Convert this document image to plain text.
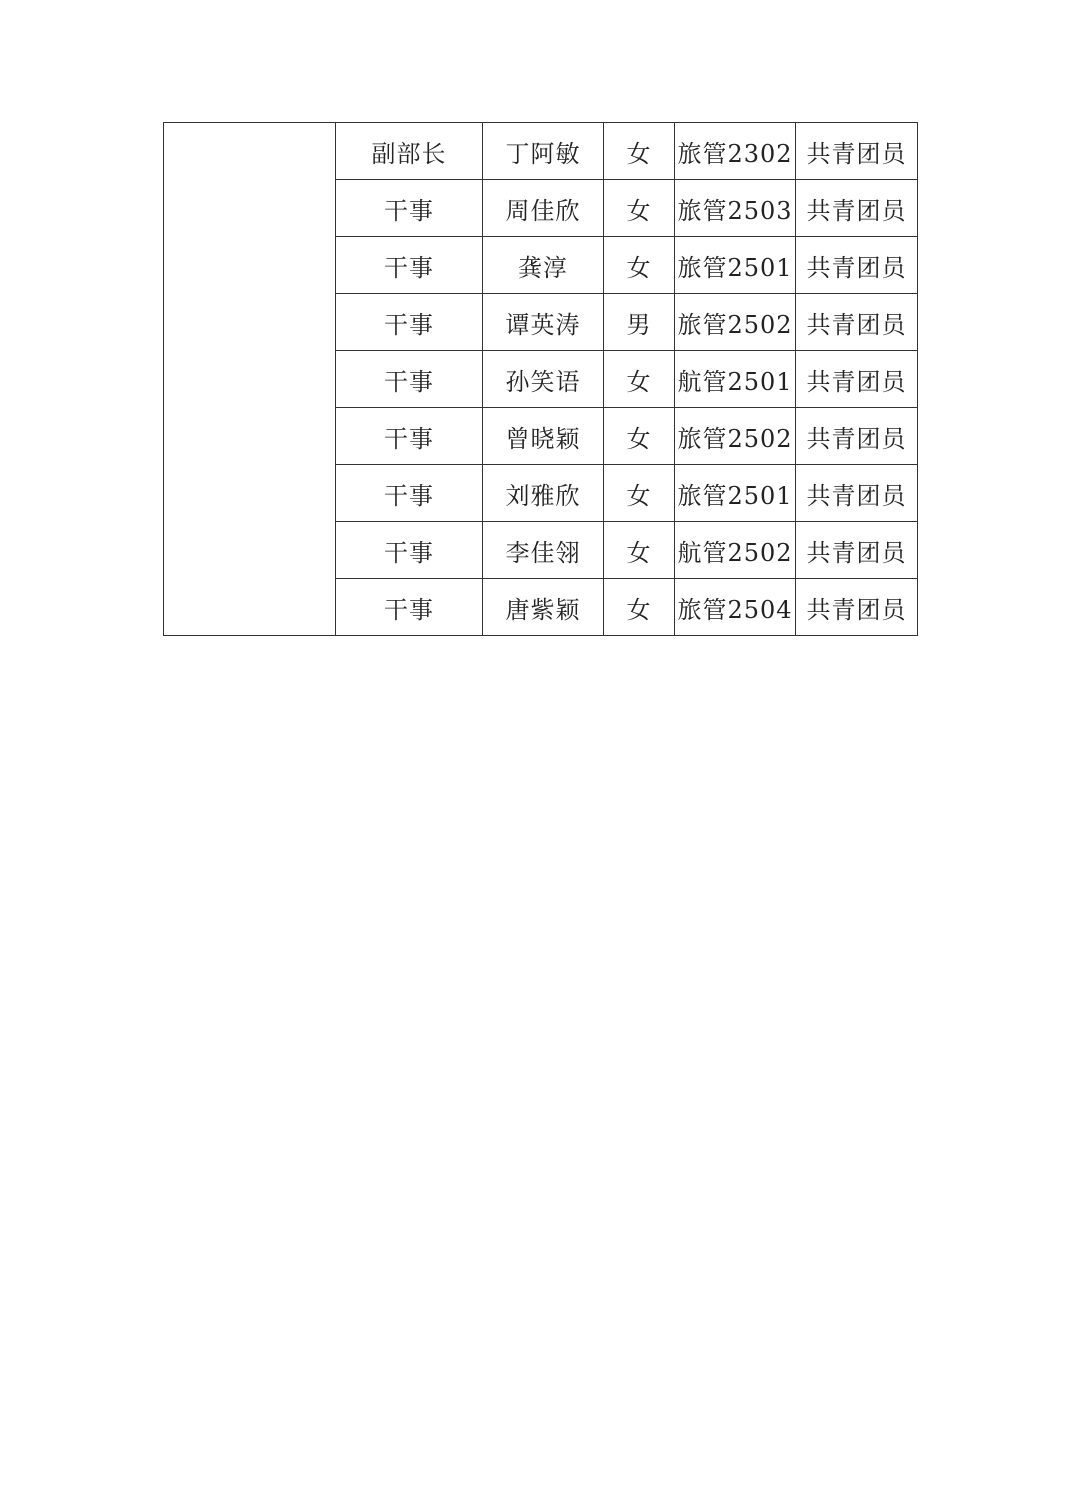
	副部长	丁阿敏	女	旅管2302	共青团员
	干事	周佳欣	女	旅管2503	共青团员
	干事	龚淳	女	旅管2501	共青团员
	干事	谭英涛	男	旅管2502	共青团员
	干事	孙笑语	女	航管2501	共青团员
	干事	曾晓颖	女	旅管2502	共青团员
	干事	刘雅欣	女	旅管2501	共青团员
	干事	李佳翎	女	航管2502	共青团员
	干事	唐紫颖	女	旅管2504	共青团员
